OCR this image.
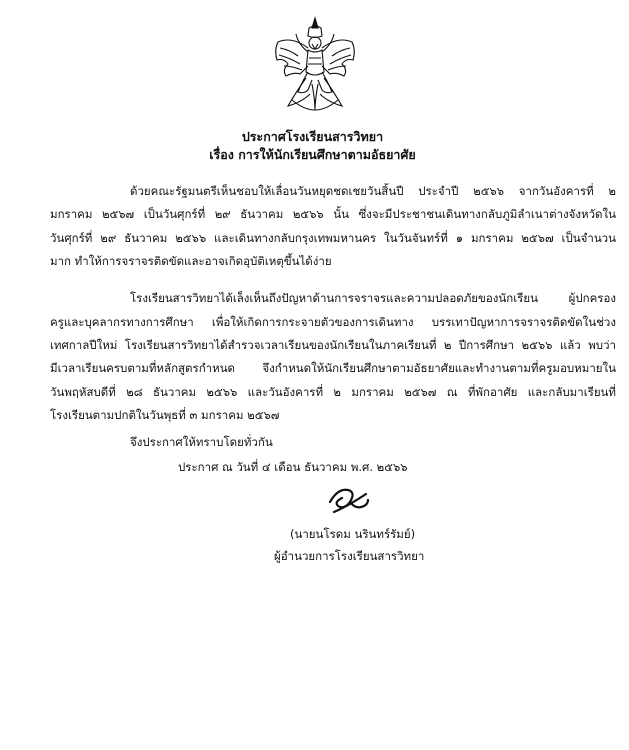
ประกาศโรงเรียนสารวิทยา
เรื่อง การให้นักเรียนศึกษาตามอัธยาศัย
ด้วยคณะรัฐมนตรีเห็นชอบให้เลื่อนวันหยุดชดเชยวันสิ้นปี ประจำปี ๒๕๖๖ จากวันอังคารที่ ๒
มกราคม ๒๕๖๗ เป็นวันศุกร์ที่ ๒๙ ธันวาคม ๒๕๖๖ นั้น ซึ่งจะมีประชาชนเดินทางกลับภูมิลำเนาต่างจังหวัดใน
วันศุกร์ที่ ๒๙ ธันวาคม ๒๕๖๖ และเดินทางกลับกรุงเทพมหานคร ในวันจันทร์ที่ ๑ มกราคม ๒๕๖๗ เป็นจำนวน
มาก ทำให้การจราจรติดขัดและอาจเกิดอุบัติเหตุขึ้นได้ง่าย
โรงเรียนสารวิทยาได้เล็งเห็นถึงปัญหาด้านการจราจรและความปลอดภัยของนักเรียน ผู้ปกครอง
ครูและบุคลากรทางการศึกษา เพื่อให้เกิดการกระจายตัวของการเดินทาง บรรเทาปัญหาการจราจรติดขัดในช่วง
เทศกาลปีใหม่ โรงเรียนสารวิทยาได้สำรวจเวลาเรียนของนักเรียนในภาคเรียนที่ ๒ ปีการศึกษา ๒๕๖๖ แล้ว พบว่า
มีเวลาเรียนครบตามที่หลักสูตรกำหนด จึงกำหนดให้นักเรียนศึกษาตามอัธยาศัยและทำงานตามที่ครูมอบหมายใน
วันพฤหัสบดีที่ ๒๘ ธันวาคม ๒๕๖๖ และวันอังคารที่ ๒ มกราคม ๒๕๖๗ ณ ที่พักอาศัย และกลับมาเรียนที่
โรงเรียนตามปกติในวันพุธที่ ๓ มกราคม ๒๕๖๗
จึงประกาศให้ทราบโดยทั่วกัน
ประกาศ ณ วันที่ ๔ เดือน ธันวาคม พ.ศ. ๒๕๖๖
(นายนโรดม นรินทร์รัมย์)
ผู้อำนวยการโรงเรียนสารวิทยา
